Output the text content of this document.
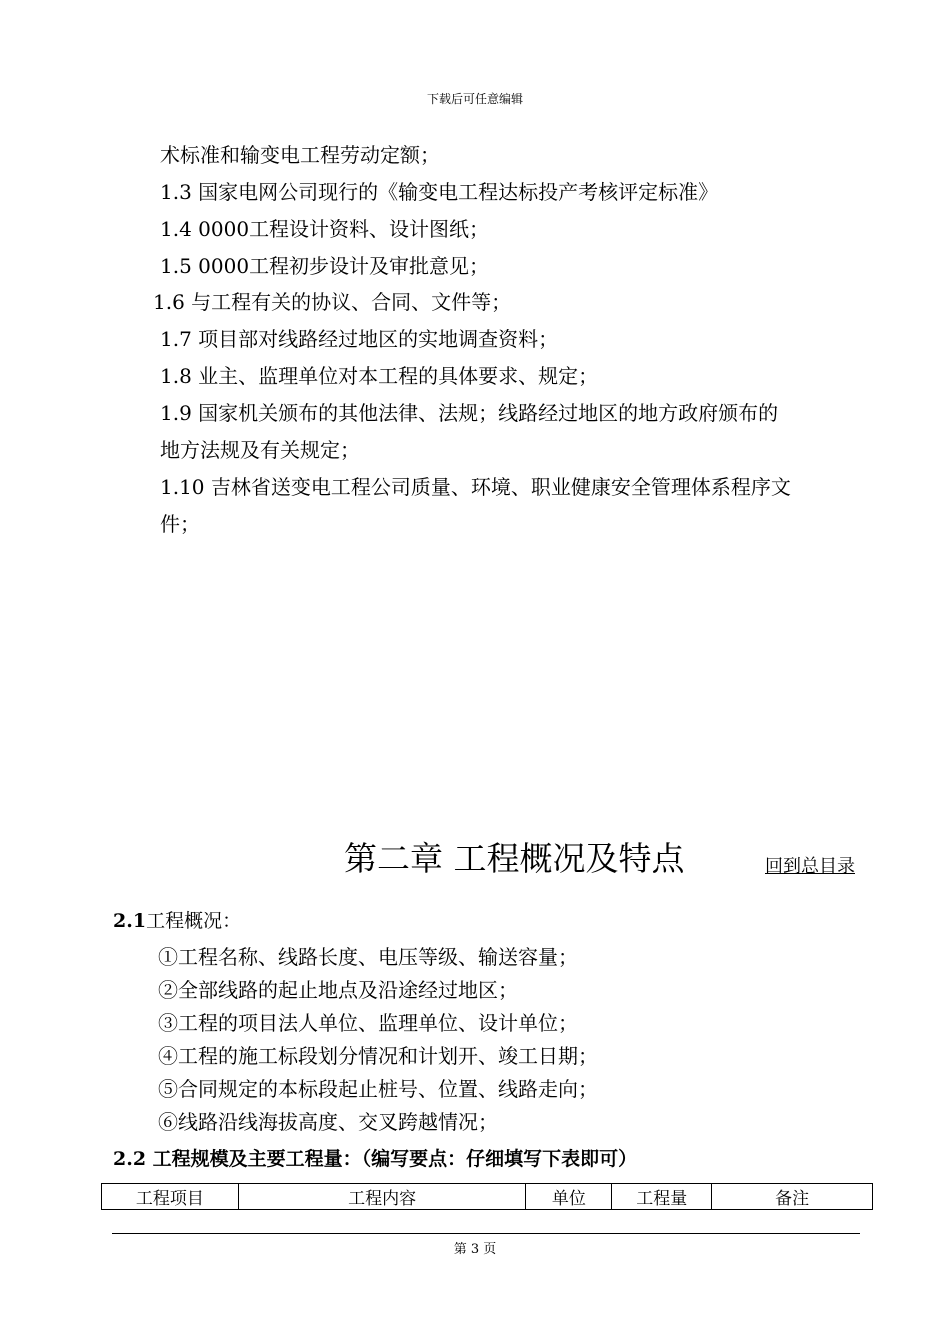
下载后可任意编辑
术标准和输变电工程劳动定额；
1.3 国家电网公司现行的《输变电工程达标投产考核评定标准》
1.4 0000工程设计资料、设计图纸；
1.5 0000工程初步设计及审批意见；
1.6 与工程有关的协议、合同、文件等；
1.7 项目部对线路经过地区的实地调查资料；
1.8 业主、监理单位对本工程的具体要求、规定；
1.9 国家机关颁布的其他法律、法规；线路经过地区的地方政府颁布的
地方法规及有关规定；
1.10 吉林省送变电工程公司质量、环境、职业健康安全管理体系程序文
件；
第二章 工程概况及特点	回到总目录
2.1工程概况：
①工程名称、线路长度、电压等级、输送容量；
②全部线路的起止地点及沿途经过地区；
③工程的项目法人单位、监理单位、设计单位；
④工程的施工标段划分情况和计划开、竣工日期；
⑤合同规定的本标段起止桩号、位置、线路走向；
⑥线路沿线海拔高度、交叉跨越情况；
2.2 工程规模及主要工程量：（编写要点：仔细填写下表即可）
工程项目	工程内容	单位	工程量	备注
第 3 页
